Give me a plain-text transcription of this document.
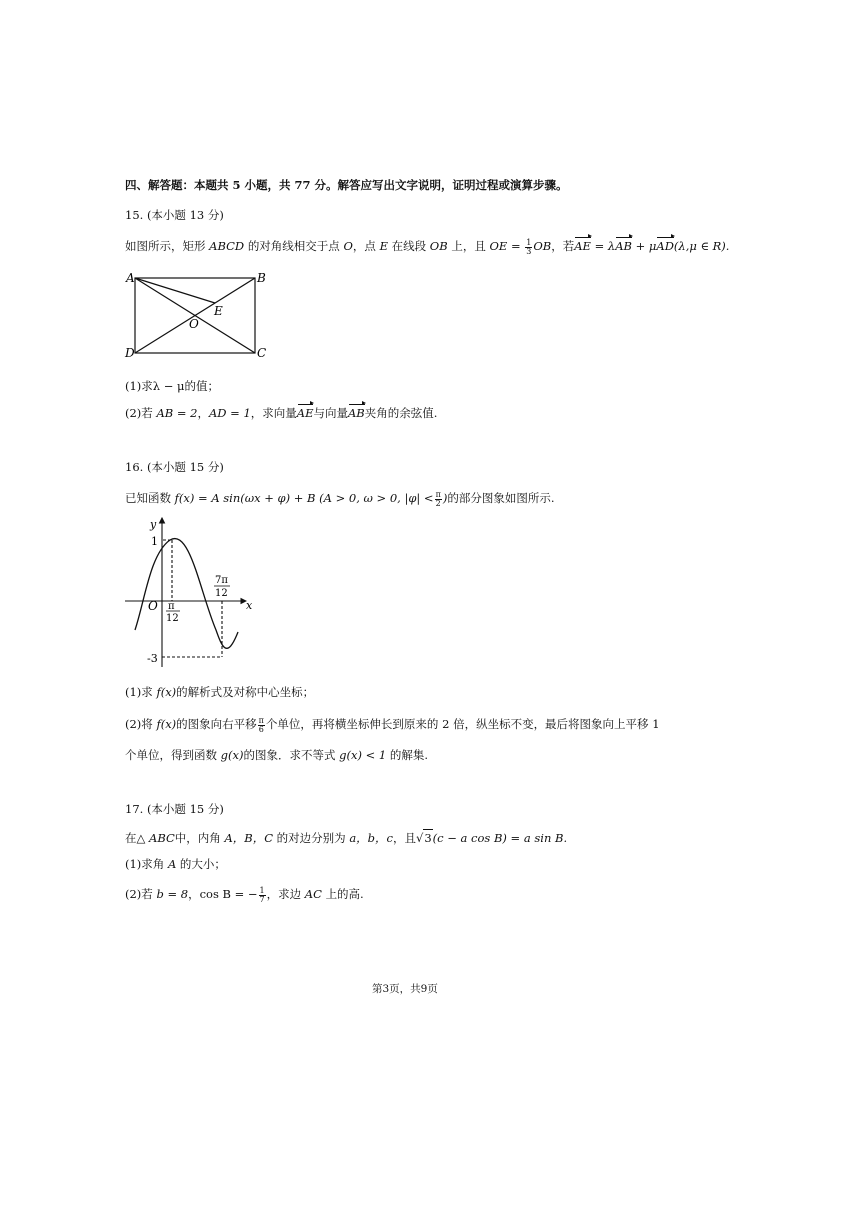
四、解答题：本题共 5 小题，共 77 分。解答应写出文字说明，证明过程或演算步骤。
15. (本小题 13 分)
如图所示，矩形 ABCD 的对角线相交于点 O，点 E 在线段 OB 上，且 OE = $\frac{1}{3}$ OB，若AE = λAB + μAD(λ,μ ∈ R).
A	B
C
D
E
O
(1)求λ − μ的值；
(2)若 AB = 2，AD = 1，求向量AE与向量AB夹角的余弦值.
16. (本小题 15 分)
已知函数 f(x) = A sin(ωx + φ) + B (A > 0, ω > 0, $|\varphi| < \frac{\pi}{2}$ )的部分图象如图所示.
y
x
O
1
-3
π
12
7π
12
(1)求 f(x)的解析式及对称中心坐标；
(2)将 f(x)的图象向右平移 $\frac{\pi}{6}$ 个单位，再将横坐标伸长到原来的 2 倍，纵坐标不变，最后将图象向上平移 1
个单位，得到函数 g(x)的图象．求不等式 g(x) < 1 的解集.
17. (本小题 15 分)
在△ ABC中，内角 A，B，C 的对边分别为 a，b，c，且√3(c − a cos B) = a sin B.
(1)求角 A 的大小；
(2)若 b = 8，cos B = − $\frac{1}{7}$ ，求边 AC 上的高.
第3页，共9页
